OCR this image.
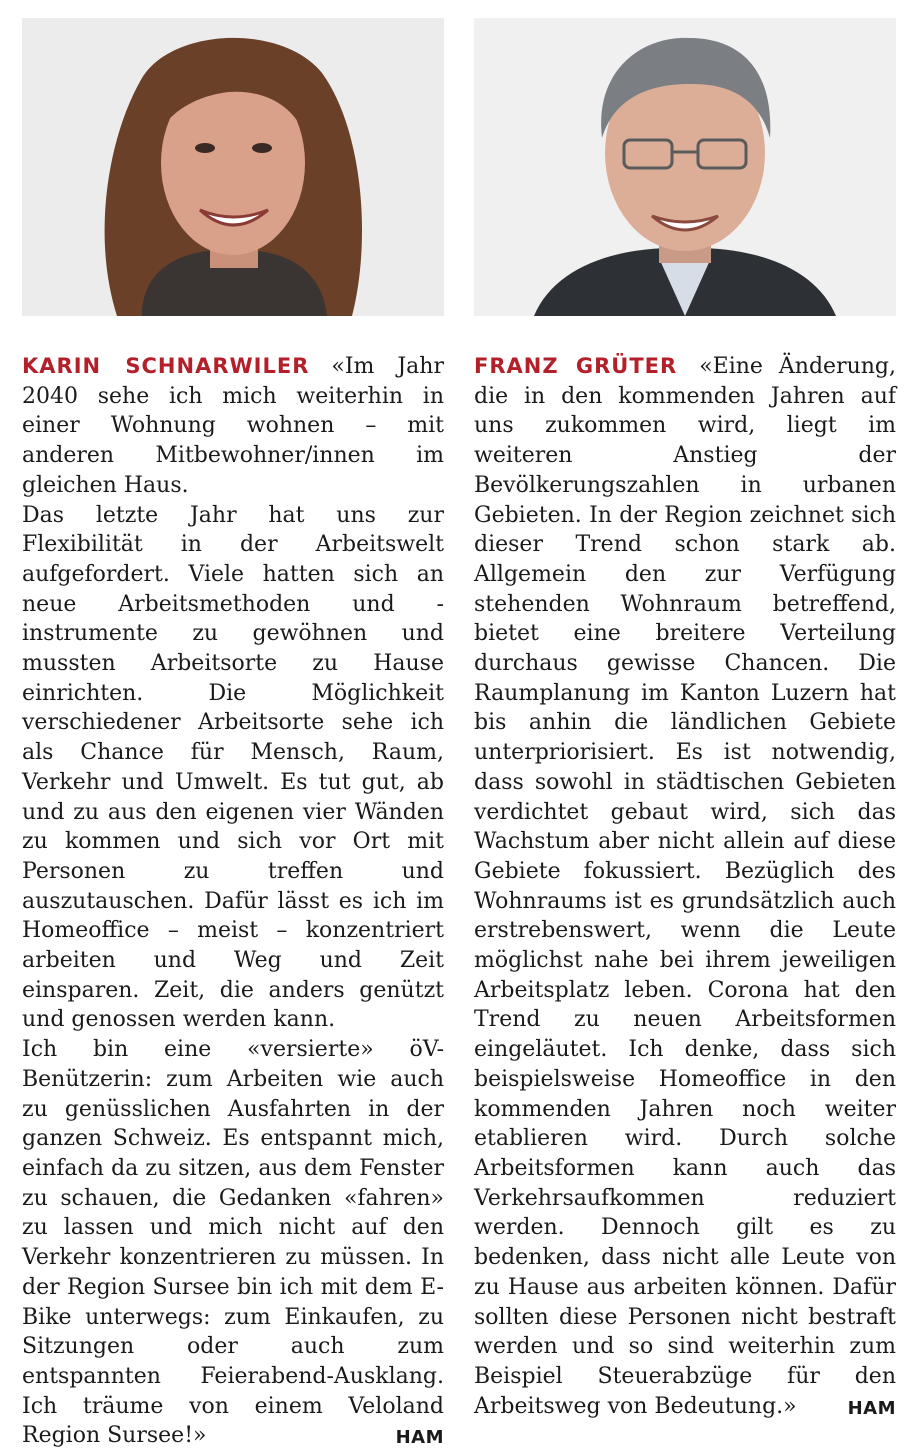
KARIN SCHNARWILER «Im Jahr 2040 sehe ich mich weiterhin in einer Wohnung wohnen – mit anderen Mitbewohner/innen im gleichen Haus.

Das letzte Jahr hat uns zur Flexibilität in der Arbeitswelt aufgefordert. Viele hatten sich an neue Arbeitsmethoden und -instrumente zu gewöhnen und mussten Arbeitsorte zu Hause einrichten. Die Möglichkeit verschiedener Arbeitsorte sehe ich als Chance für Mensch, Raum, Verkehr und Umwelt. Es tut gut, ab und zu aus den eigenen vier Wänden zu kommen und sich vor Ort mit Personen zu treffen und auszutauschen. Dafür lässt es ich im Homeoffice – meist – konzentriert arbeiten und Weg und Zeit einsparen. Zeit, die anders genützt und genossen werden kann.

Ich bin eine «versierte» öV-Benützerin: zum Arbeiten wie auch zu genüsslichen Ausfahrten in der ganzen Schweiz. Es entspannt mich, einfach da zu sitzen, aus dem Fenster zu schauen, die Gedanken «fahren» zu lassen und mich nicht auf den Verkehr konzentrieren zu müssen. In der Region Sursee bin ich mit dem E-Bike unterwegs: zum Einkaufen, zu Sitzungen oder auch zum entspannten Feierabend-Ausklang. Ich träume von einem Veloland Region Sursee!»	HAM

FRANZ GRÜTER «Eine Änderung, die in den kommenden Jahren auf uns zukommen wird, liegt im weiteren Anstieg der Bevölkerungszahlen in urbanen Gebieten. In der Region zeichnet sich dieser Trend schon stark ab. Allgemein den zur Verfügung stehenden Wohnraum betreffend, bietet eine breitere Verteilung durchaus gewisse Chancen. Die Raumplanung im Kanton Luzern hat bis anhin die ländlichen Gebiete unterpriorisiert. Es ist notwendig, dass sowohl in städtischen Gebieten verdichtet gebaut wird, sich das Wachstum aber nicht allein auf diese Gebiete fokussiert. Bezüglich des Wohnraums ist es grundsätzlich auch erstrebenswert, wenn die Leute möglichst nahe bei ihrem jeweiligen Arbeitsplatz leben. Corona hat den Trend zu neuen Arbeitsformen eingeläutet. Ich denke, dass sich beispielsweise Homeoffice in den kommenden Jahren noch weiter etablieren wird. Durch solche Arbeitsformen kann auch das Verkehrsaufkommen reduziert werden. Dennoch gilt es zu bedenken, dass nicht alle Leute von zu Hause aus arbeiten können. Dafür sollten diese Personen nicht bestraft werden und so sind weiterhin zum Beispiel Steuerabzüge für den Arbeitsweg von Bedeutung.»	HAM
